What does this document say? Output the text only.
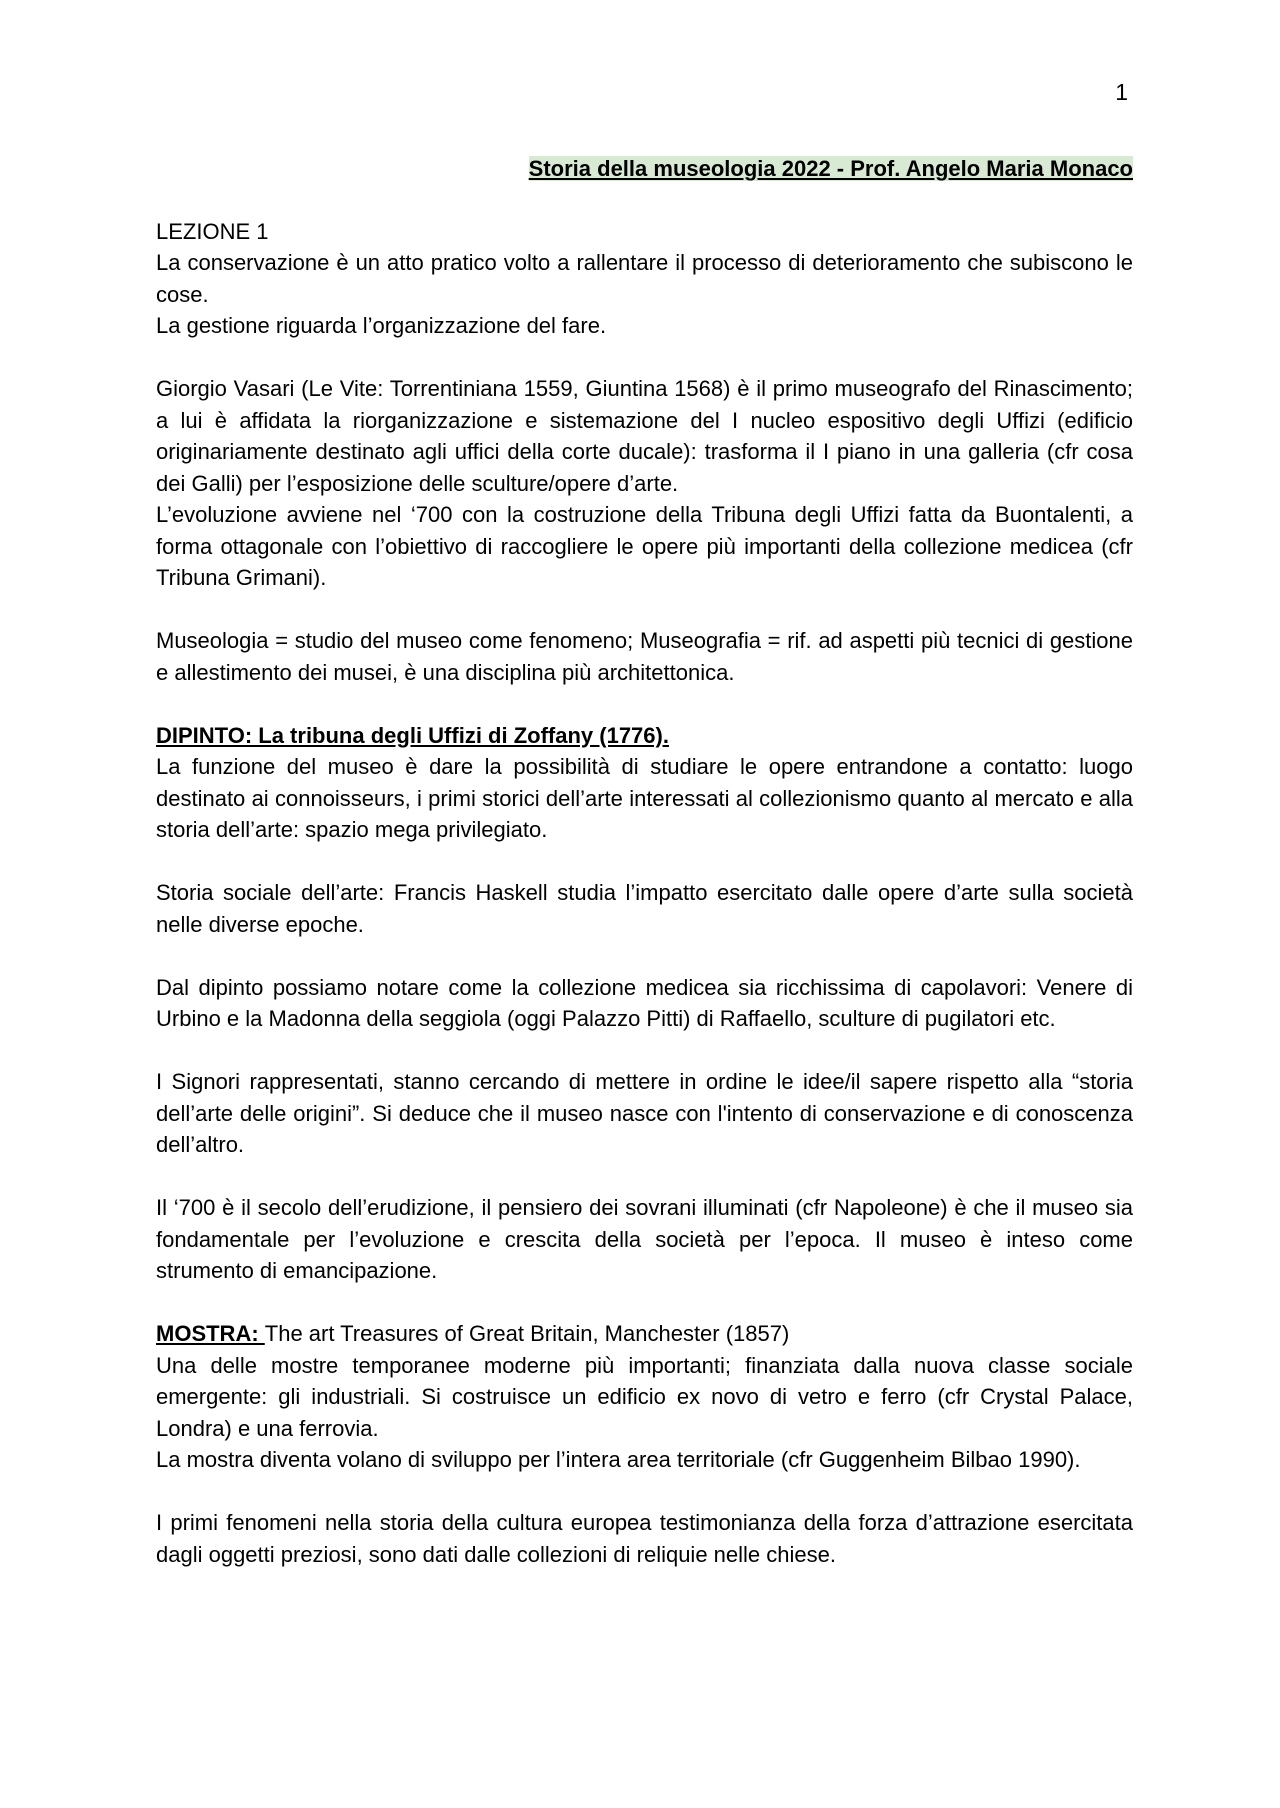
1
Storia della museologia 2022 - Prof. Angelo Maria Monaco
LEZIONE 1

La conservazione è un atto pratico volto a rallentare il processo di deterioramento che subiscono le cose.

La gestione riguarda l’organizzazione del fare.

Giorgio Vasari (Le Vite: Torrentiniana 1559, Giuntina 1568) è il primo museografo del Rinascimento; a lui è affidata la riorganizzazione e sistemazione del I nucleo espositivo degli Uffizi (edificio originariamente destinato agli uffici della corte ducale): trasforma il I piano in una galleria (cfr cosa dei Galli) per l’esposizione delle sculture/opere d’arte.

L’evoluzione avviene nel ‘700 con la costruzione della Tribuna degli Uffizi fatta da Buontalenti, a forma ottagonale con l’obiettivo di raccogliere le opere più importanti della collezione medicea (cfr Tribuna Grimani).

Museologia = studio del museo come fenomeno; Museografia = rif. ad aspetti più tecnici di gestione e allestimento dei musei, è una disciplina più architettonica.

DIPINTO: La tribuna degli Uffizi di Zoffany (1776).

La funzione del museo è dare la possibilità di studiare le opere entrandone a contatto: luogo destinato ai connoisseurs, i primi storici dell’arte interessati al collezionismo quanto al mercato e alla storia dell’arte: spazio mega privilegiato.

Storia sociale dell’arte: Francis Haskell studia l’impatto esercitato dalle opere d’arte sulla società nelle diverse epoche.

Dal dipinto possiamo notare come la collezione medicea sia ricchissima di capolavori: Venere di Urbino e la Madonna della seggiola (oggi Palazzo Pitti) di Raffaello, sculture di pugilatori etc.

I Signori rappresentati, stanno cercando di mettere in ordine le idee/il sapere rispetto alla “storia dell’arte delle origini”. Si deduce che il museo nasce con l'intento di conservazione e di conoscenza dell’altro.

Il ‘700 è il secolo dell’erudizione, il pensiero dei sovrani illuminati (cfr Napoleone) è che il museo sia fondamentale per l’evoluzione e crescita della società per l’epoca. Il museo è inteso come strumento di emancipazione.

MOSTRA: The art Treasures of Great Britain, Manchester (1857)

Una delle mostre temporanee moderne più importanti; finanziata dalla nuova classe sociale emergente: gli industriali. Si costruisce un edificio ex novo di vetro e ferro (cfr Crystal Palace, Londra) e una ferrovia.

La mostra diventa volano di sviluppo per l’intera area territoriale (cfr Guggenheim Bilbao 1990).

I primi fenomeni nella storia della cultura europea testimonianza della forza d’attrazione esercitata dagli oggetti preziosi, sono dati dalle collezioni di reliquie nelle chiese.
